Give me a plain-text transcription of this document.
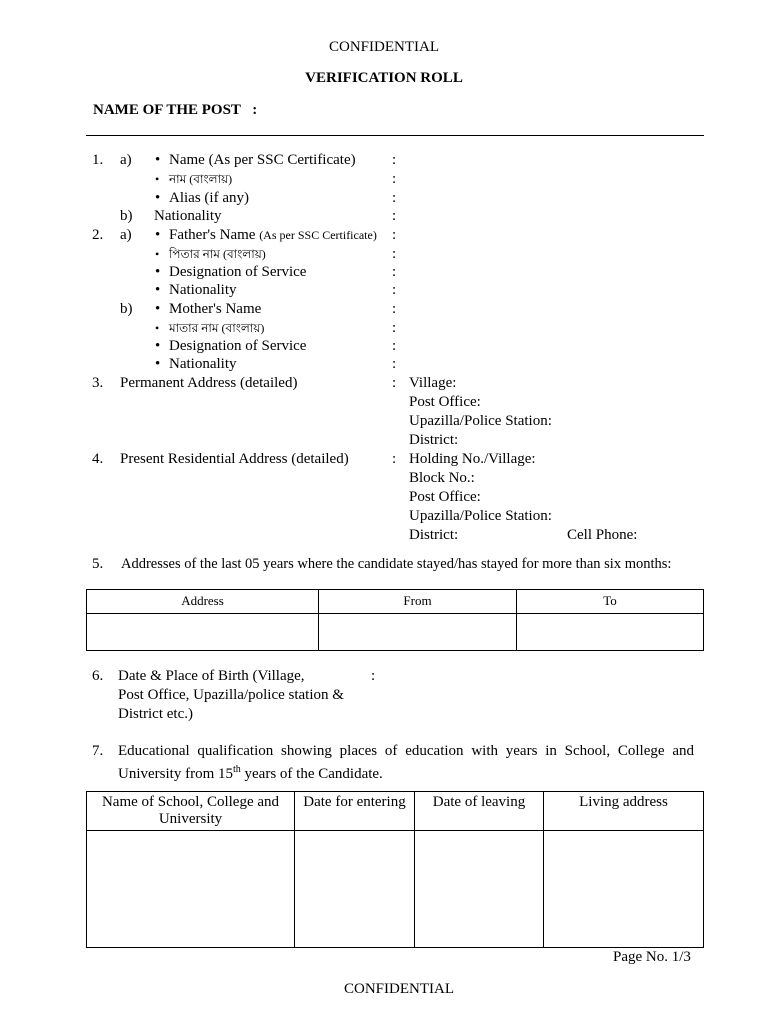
CONFIDENTIAL
VERIFICATION ROLL
NAME OF THE POST :
1. a) • Name (As per SSC Certificate)
• নাম (বাংলায়)
• Alias (if any)
b) Nationality
2. a) • Father's Name (As per SSC Certificate)
• পিতার নাম (বাংলায়)
• Designation of Service
• Nationality
b) • Mother's Name
• মাতার নাম (বাংলায়)
• Designation of Service
• Nationality
:
:
:
:
:
:
:
:
:
:
:
:
3. Permanent Address (detailed)	: Village:
Post Office:
Upazilla/Police Station:
District:
4. Present Residential Address (detailed)	: Holding No./Village:
Block No.:
Post Office:
Upazilla/Police Station:
District:	Cell Phone:
5. Addresses of the last 05 years where the candidate stayed/has stayed for more than six months:
Address	From	To

6. Date & Place of Birth (Village,	:
Post Office, Upazilla/police station &
District etc.)
7. Educational qualification showing places of education with years in School, College and
University from 15th years of the Candidate.
Name of School, College and University	Date for entering	Date of leaving	Living address

Page No. 1/3
CONFIDENTIAL
